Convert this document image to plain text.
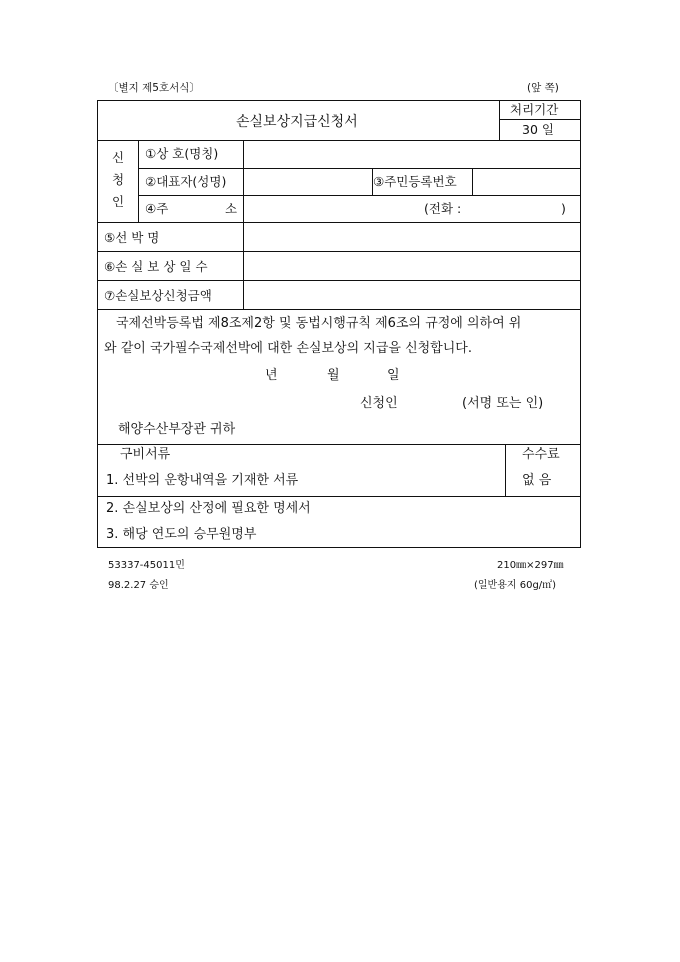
〔별지 제5호서식〕	(앞 쪽)
손실보상지급신청서
처리기간
30 일
신
청
인
①상 호(명칭)
②대표자(성명)	③주민등록번호
④주	소	(전화 :	)
⑤선 박 명
⑥손 실 보 상 일 수
⑦손실보상신청금액
국제선박등록법 제8조제2항 및 동법시행규칙 제6조의 규정에 의하여 위
와 같이 국가필수국제선박에 대한 손실보상의 지급을 신청합니다.
년	월	일
신청인	(서명 또는 인)
해양수산부장관 귀하
구비서류	수수료
없 음
1. 선박의 운항내역을 기재한 서류
2. 손실보상의 산정에 필요한 명세서
3. 해당 연도의 승무원명부
53337-45011민
98.2.27 승인
210㎜×297㎜
(일반용지 60g/㎡)
